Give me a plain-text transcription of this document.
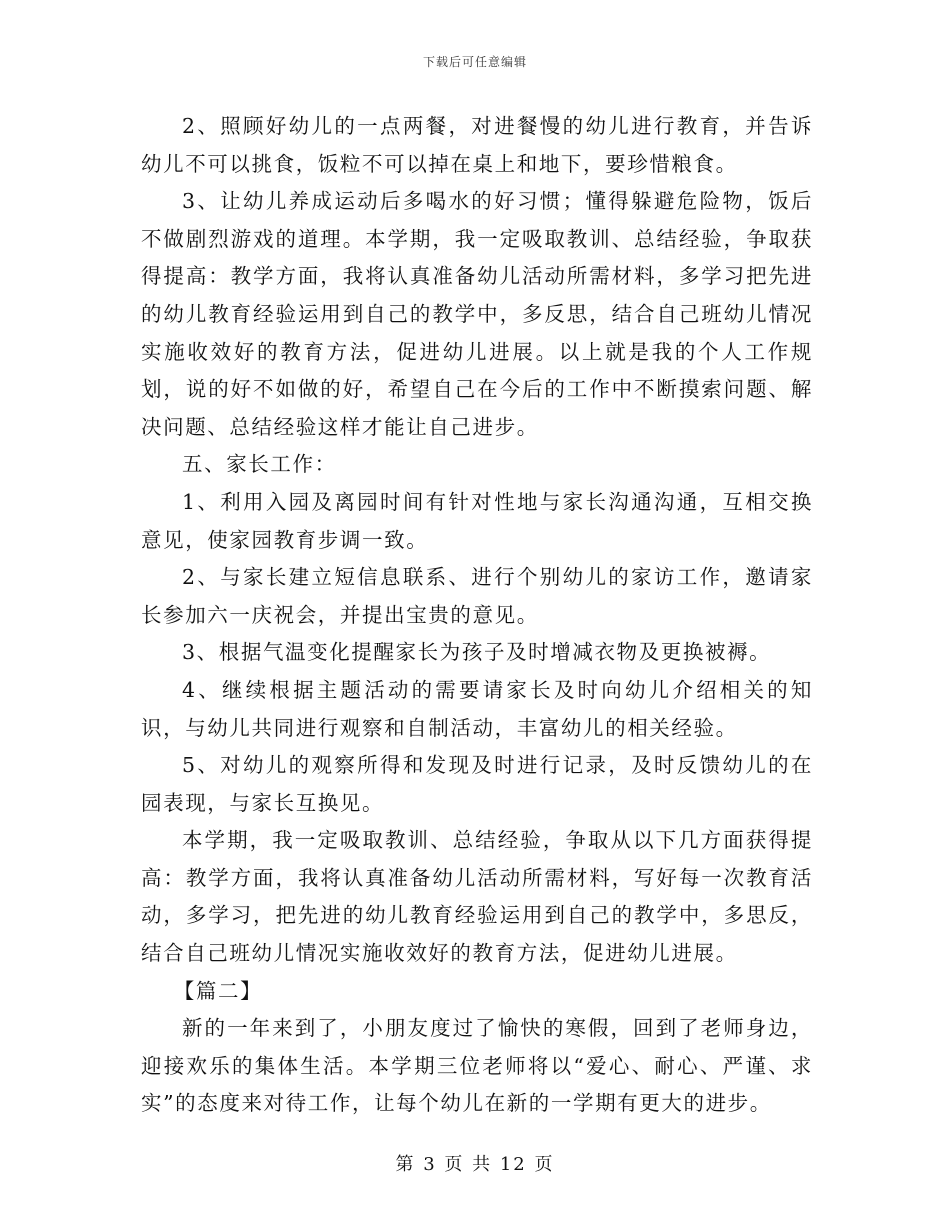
下载后可任意编辑

2、照顾好幼儿的一点两餐，对进餐慢的幼儿进行教育，并告诉幼儿不可以挑食，饭粒不可以掉在桌上和地下，要珍惜粮食。

3、让幼儿养成运动后多喝水的好习惯；懂得躲避危险物，饭后不做剧烈游戏的道理。本学期，我一定吸取教训、总结经验，争取获得提高：教学方面，我将认真准备幼儿活动所需材料，多学习把先进的幼儿教育经验运用到自己的教学中，多反思，结合自己班幼儿情况实施收效好的教育方法，促进幼儿进展。以上就是我的个人工作规划，说的好不如做的好，希望自己在今后的工作中不断摸索问题、解决问题、总结经验这样才能让自己进步。

五、家长工作：

1、利用入园及离园时间有针对性地与家长沟通沟通，互相交换意见，使家园教育步调一致。

2、与家长建立短信息联系、进行个别幼儿的家访工作，邀请家长参加六一庆祝会，并提出宝贵的意见。

3、根据气温变化提醒家长为孩子及时增减衣物及更换被褥。

4、继续根据主题活动的需要请家长及时向幼儿介绍相关的知识，与幼儿共同进行观察和自制活动，丰富幼儿的相关经验。

5、对幼儿的观察所得和发现及时进行记录，及时反馈幼儿的在园表现，与家长互换见。

本学期，我一定吸取教训、总结经验，争取从以下几方面获得提高：教学方面，我将认真准备幼儿活动所需材料，写好每一次教育活动，多学习，把先进的幼儿教育经验运用到自己的教学中，多思反，结合自己班幼儿情况实施收效好的教育方法，促进幼儿进展。

【篇二】

新的一年来到了，小朋友度过了愉快的寒假，回到了老师身边，迎接欢乐的集体生活。本学期三位老师将以“爱心、耐心、严谨、求实”的态度来对待工作，让每个幼儿在新的一学期有更大的进步。

第 3 页 共 12 页
